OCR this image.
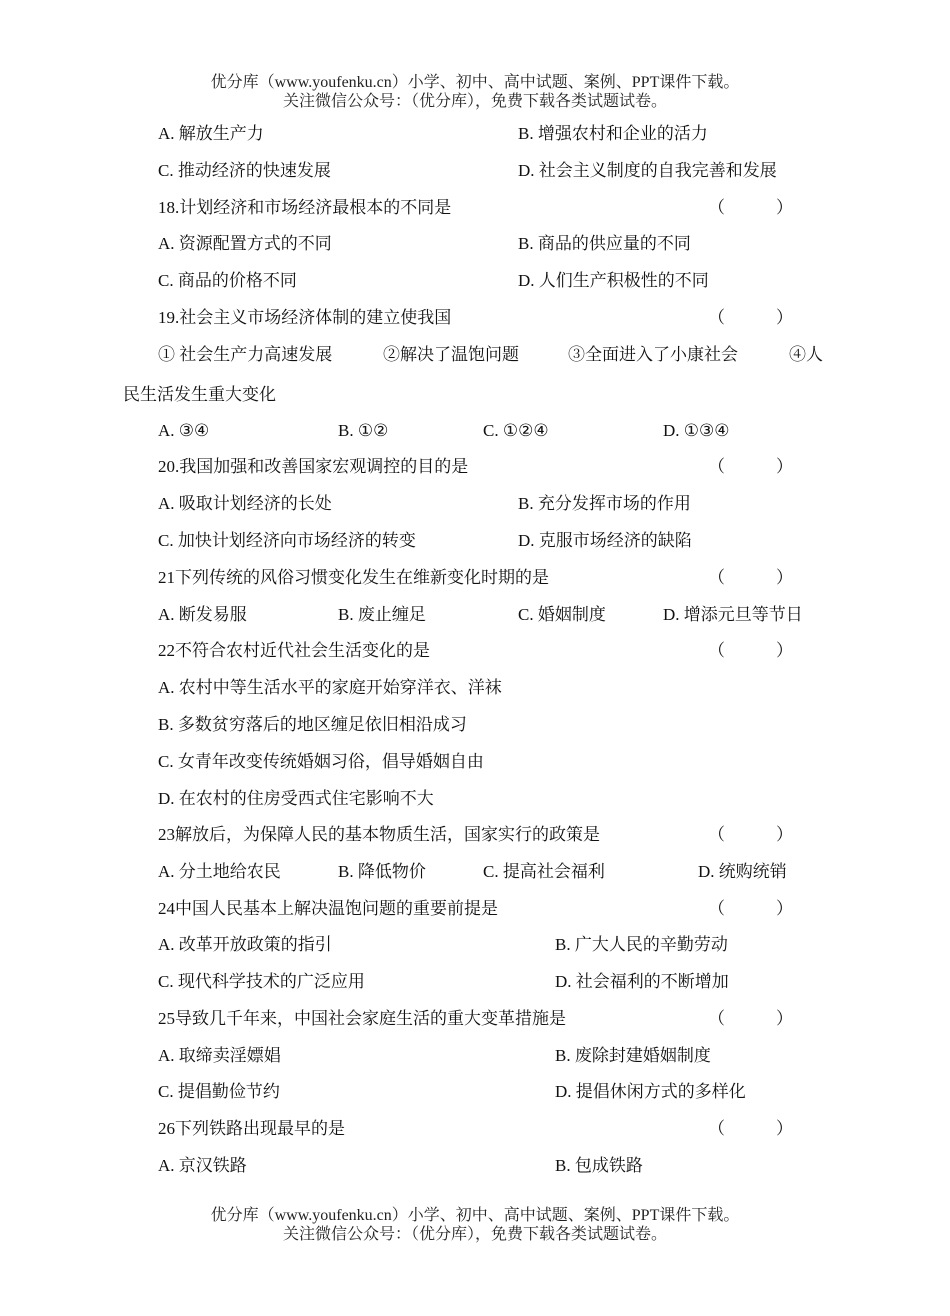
优分库（www.youfenku.cn）小学、初中、高中试题、案例、PPT课件下载。
关注微信公众号：（优分库），免费下载各类试题试卷。
A. 解放生产力	B. 增强农村和企业的活力
C. 推动经济的快速发展	D. 社会主义制度的自我完善和发展
18.计划经济和市场经济最根本的不同是	（            ）
A. 资源配置方式的不同	B. 商品的供应量的不同
C. 商品的价格不同	D. 人们生产积极性的不同
19.社会主义市场经济体制的建立使我国	（            ）
① 社会生产力高速发展	②解决了温饱问题	③全面进入了小康社会	④人
民生活发生重大变化
A. ③④	B. ①②	C. ①②④	D. ①③④
20.我国加强和改善国家宏观调控的目的是	（            ）
A. 吸取计划经济的长处	B. 充分发挥市场的作用
C. 加快计划经济向市场经济的转变	D. 克服市场经济的缺陷
21下列传统的风俗习惯变化发生在维新变化时期的是	（            ）
A. 断发易服	B. 废止缠足	C. 婚姻制度	D. 增添元旦等节日
22不符合农村近代社会生活变化的是	（            ）
A. 农村中等生活水平的家庭开始穿洋衣、洋袜
B. 多数贫穷落后的地区缠足依旧相沿成习
C. 女青年改变传统婚姻习俗，倡导婚姻自由
D. 在农村的住房受西式住宅影响不大
23解放后，为保障人民的基本物质生活，国家实行的政策是	（            ）
A. 分土地给农民	B. 降低物价	C. 提高社会福利	D. 统购统销
24中国人民基本上解决温饱问题的重要前提是	（            ）
A. 改革开放政策的指引	B. 广大人民的辛勤劳动
C. 现代科学技术的广泛应用	D. 社会福利的不断增加
25导致几千年来，中国社会家庭生活的重大变革措施是	（            ）
A. 取缔卖淫嫖娼	B. 废除封建婚姻制度
C. 提倡勤俭节约	D. 提倡休闲方式的多样化
26下列铁路出现最早的是	（            ）
A. 京汉铁路	B. 包成铁路
优分库（www.youfenku.cn）小学、初中、高中试题、案例、PPT课件下载。
关注微信公众号：（优分库），免费下载各类试题试卷。
